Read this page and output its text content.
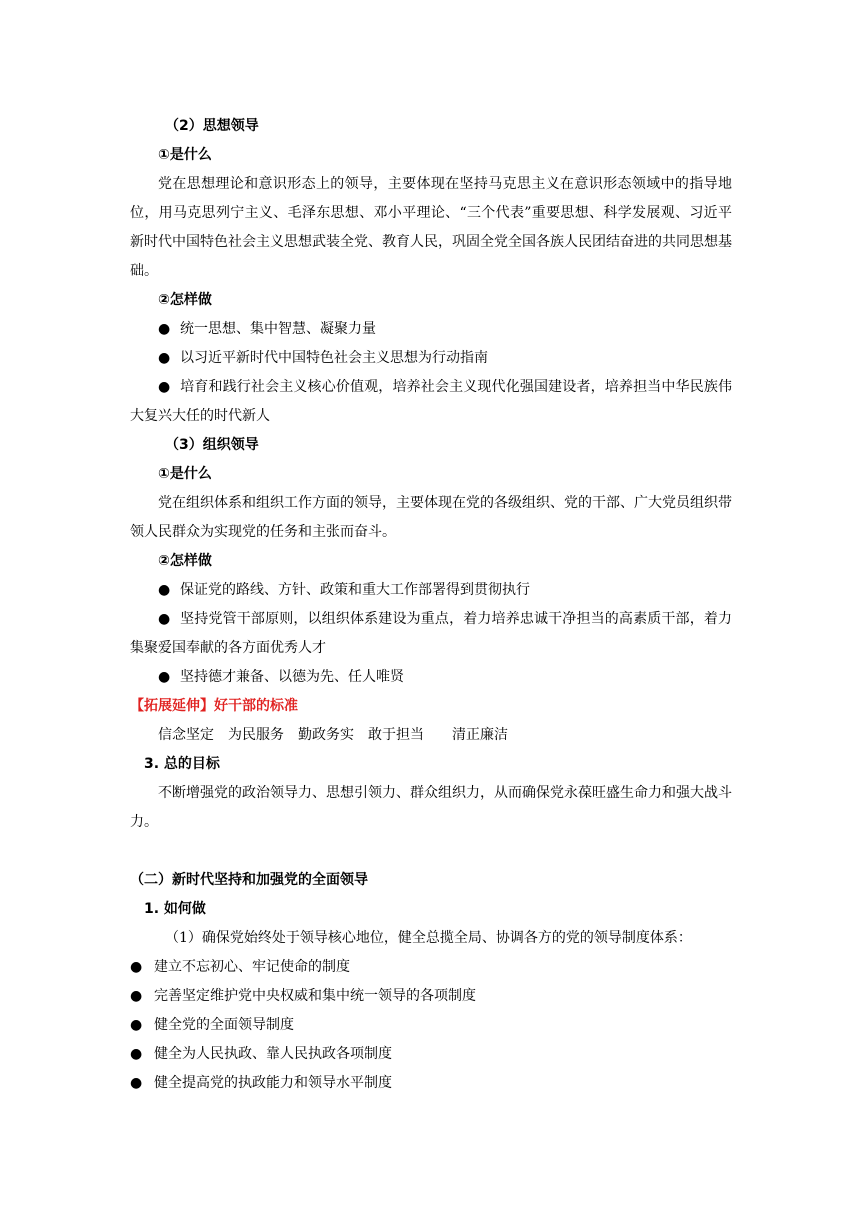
（2）思想领导
①是什么
党在思想理论和意识形态上的领导，主要体现在坚持马克思主义在意识形态领域中的指导地位，用马克思列宁主义、毛泽东思想、邓小平理论、“三个代表”重要思想、科学发展观、习近平新时代中国特色社会主义思想武装全党、教育人民，巩固全党全国各族人民团结奋进的共同思想基础。
②怎样做
● 统一思想、集中智慧、凝聚力量
● 以习近平新时代中国特色社会主义思想为行动指南
● 培育和践行社会主义核心价值观，培养社会主义现代化强国建设者，培养担当中华民族伟大复兴大任的时代新人
（3）组织领导
①是什么
党在组织体系和组织工作方面的领导，主要体现在党的各级组织、党的干部、广大党员组织带领人民群众为实现党的任务和主张而奋斗。
②怎样做
● 保证党的路线、方针、政策和重大工作部署得到贯彻执行
● 坚持党管干部原则，以组织体系建设为重点，着力培养忠诚干净担当的高素质干部，着力集聚爱国奉献的各方面优秀人才
● 坚持德才兼备、以德为先、任人唯贤
【拓展延伸】好干部的标准
信念坚定 为民服务 勤政务实 敢于担当 清正廉洁
3. 总的目标
不断增强党的政治领导力、思想引领力、群众组织力，从而确保党永葆旺盛生命力和强大战斗力。
（二）新时代坚持和加强党的全面领导
1. 如何做
（1）确保党始终处于领导核心地位，健全总揽全局、协调各方的党的领导制度体系：
● 建立不忘初心、牢记使命的制度
● 完善坚定维护党中央权威和集中统一领导的各项制度
● 健全党的全面领导制度
● 健全为人民执政、靠人民执政各项制度
● 健全提高党的执政能力和领导水平制度
